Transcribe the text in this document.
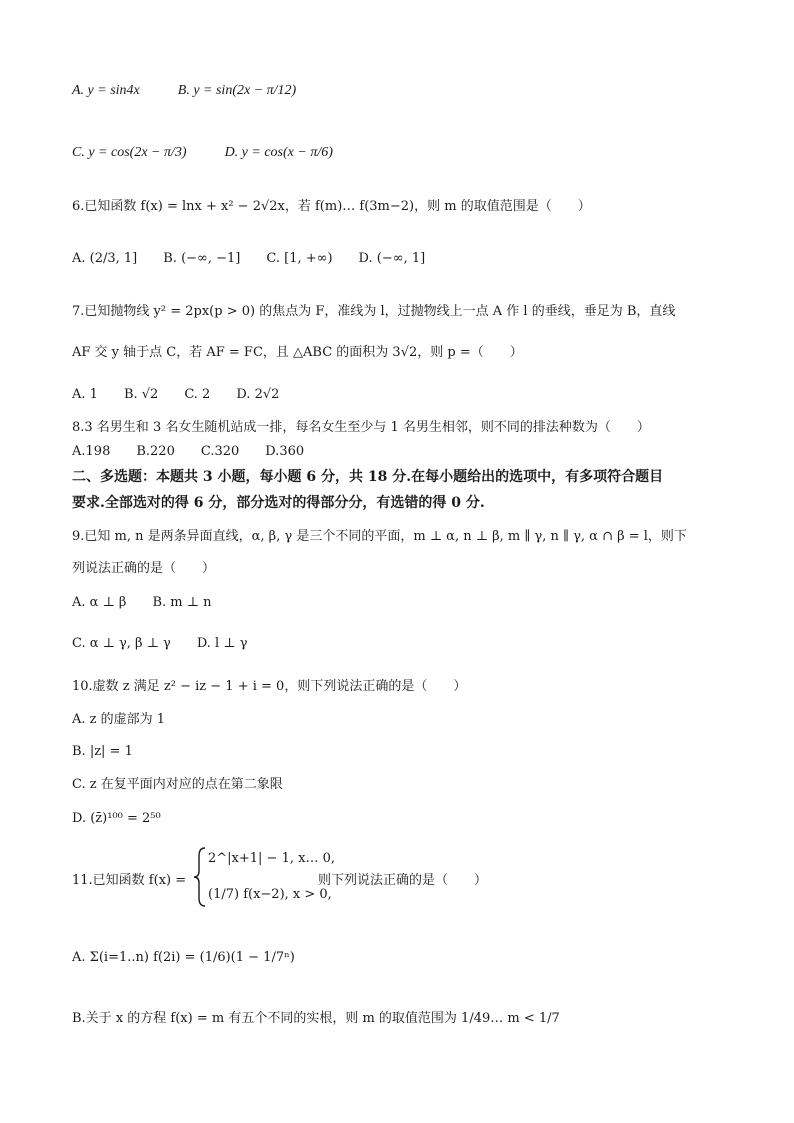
A. y = sin4x	B. y = sin(2x − π/12)
C. y = cos(2x − π/3)	D. y = cos(x − π/6)
6.已知函数 f(x) = lnx + x² − 2√2x，若 f(m)… f(3m−2)，则 m 的取值范围是（　　）
A. (2/3, 1] B. (−∞, −1] C. [1, +∞) D. (−∞, 1]
7.已知抛物线 y² = 2px(p > 0) 的焦点为 F，准线为 l，过抛物线上一点 A 作 l 的垂线，垂足为 B，直线
AF 交 y 轴于点 C，若 AF = FC，且 △ABC 的面积为 3√2，则 p =（　　）
A. 1 B. √2 C. 2 D. 2√2
8.3 名男生和 3 名女生随机站成一排，每名女生至少与 1 名男生相邻，则不同的排法种数为（　　）
A.198 B.220 C.320 D.360
二、多选题：本题共 3 小题，每小题 6 分，共 18 分.在每小题给出的选项中，有多项符合题目
要求.全部选对的得 6 分，部分选对的得部分分，有选错的得 0 分.
9.已知 m, n 是两条异面直线，α, β, γ 是三个不同的平面，m ⊥ α, n ⊥ β, m ∥ γ, n ∥ γ, α ∩ β = l，则下
列说法正确的是（　　）
A. α ⊥ β B. m ⊥ n
C. α ⊥ γ, β ⊥ γ D. l ⊥ γ
10.虚数 z 满足 z² − iz − 1 + i = 0，则下列说法正确的是（　　）
A. z 的虚部为 1
B. |z| = 1
C. z 在复平面内对应的点在第二象限
D. (z̄)¹⁰⁰ = 2⁵⁰
11.已知函数 f(x) =
2^|x+1| − 1, x… 0,
(1/7) f(x−2), x > 0,
则下列说法正确的是（　　）
A. Σ(i=1..n) f(2i) = (1/6)(1 − 1/7ⁿ)
B.关于 x 的方程 f(x) = m 有五个不同的实根，则 m 的取值范围为 1/49… m < 1/7
